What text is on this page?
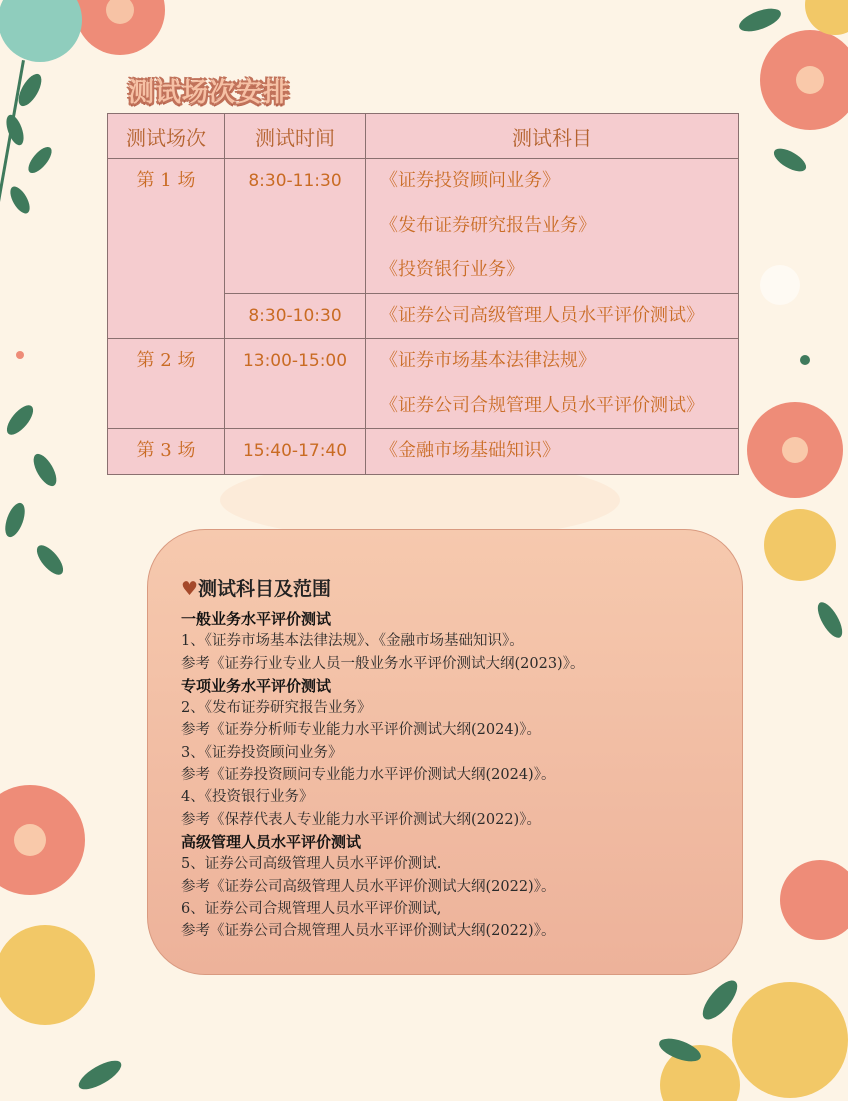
测试场次安排
测试场次	测试时间	测试科目

第 1 场	8:30-11:30	《证券投资顾问业务》
《发布证券研究报告业务》
《投资银行业务》

	8:30-10:30	《证券公司高级管理人员水平评价测试》

第 2 场	13:00-15:00	《证券市场基本法律法规》
《证券公司合规管理人员水平评价测试》

第 3 场	15:40-17:40	《金融市场基础知识》
♥测试科目及范围
一般业务水平评价测试
1、《证券市场基本法律法规》、《金融市场基础知识》。
参考《证券行业专业人员一般业务水平评价测试大纲(2023)》。
专项业务水平评价测试
2、《发布证券研究报告业务》
参考《证券分析师专业能力水平评价测试大纲(2024)》。
3、《证券投资顾问业务》
参考《证券投资顾问专业能力水平评价测试大纲(2024)》。
4、《投资银行业务》
参考《保荐代表人专业能力水平评价测试大纲(2022)》。
高级管理人员水平评价测试
5、证券公司高级管理人员水平评价测试.
参考《证券公司高级管理人员水平评价测试大纲(2022)》。
6、证券公司合规管理人员水平评价测试,
参考《证券公司合规管理人员水平评价测试大纲(2022)》。
